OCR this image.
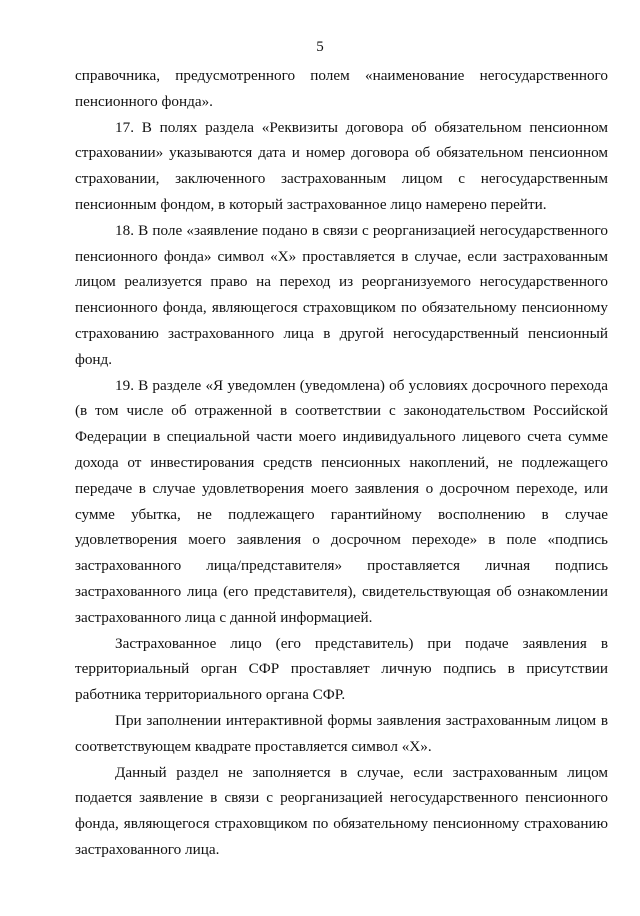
5

справочника, предусмотренного полем «наименование негосударственного пенсионного фонда».

17. В полях раздела «Реквизиты договора об обязательном пенсионном страховании» указываются дата и номер договора об обязательном пенсионном страховании, заключенного застрахованным лицом с негосударственным пенсионным фондом, в который застрахованное лицо намерено перейти.

18. В поле «заявление подано в связи с реорганизацией негосударственного пенсионного фонда» символ «X» проставляется в случае, если застрахованным лицом реализуется право на переход из реорганизуемого негосударственного пенсионного фонда, являющегося страховщиком по обязательному пенсионному страхованию застрахованного лица в другой негосударственный пенсионный фонд.

19. В разделе «Я уведомлен (уведомлена) об условиях досрочного перехода (в том числе об отраженной в соответствии с законодательством Российской Федерации в специальной части моего индивидуального лицевого счета сумме дохода от инвестирования средств пенсионных накоплений, не подлежащего передаче в случае удовлетворения моего заявления о досрочном переходе, или сумме убытка, не подлежащего гарантийному восполнению в случае удовлетворения моего заявления о досрочном переходе» в поле «подпись застрахованного лица/представителя» проставляется личная подпись застрахованного лица (его представителя), свидетельствующая об ознакомлении застрахованного лица с данной информацией.

Застрахованное лицо (его представитель) при подаче заявления в территориальный орган СФР проставляет личную подпись в присутствии работника территориального органа СФР.

При заполнении интерактивной формы заявления застрахованным лицом в соответствующем квадрате проставляется символ «X».

Данный раздел не заполняется в случае, если застрахованным лицом подается заявление в связи с реорганизацией негосударственного пенсионного фонда, являющегося страховщиком по обязательному пенсионному страхованию застрахованного лица.
